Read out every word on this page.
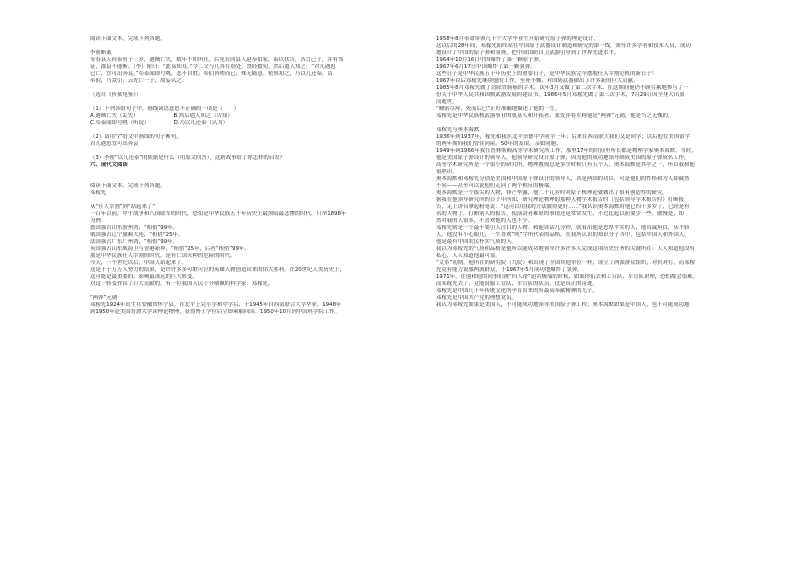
阅读下面文本，完成下列各题。
李密断案
寿春县人荷泰有子三岁，遇贼亡失，数年不知所在。后见在同县人赵奉伯家，泰以状告，各言己子，并有邻
证，郡县不能断。（李）密曰：“此易知耳。”令二父与儿各在别处，禁经数旬，然后遣人知之：“君儿遇患
已亡，宜可出奔哀。”苟泰闻即号咷，悲不自胜；奉伯咨嗟而已，殊无痛意。密察知之，乃以儿还泰，诘
奉伯，乃款引，云先亡一子，故妄认之。
（选自《折狱龟鉴》）
（1）下列各组句子中，画线词语意思不正确的一项是（　　）
A.遇贼亡失（丢失）　　　　　　　B.然后遣人知之（告知）
C.苟泰闻即号咷（听说）　　　　　D.乃以儿还泰（认为）
（2）请用“/”给文中画线的句子断句。
君儿遇患宜可出奔哀
（3）李密“以儿还泰”的依据是什么（用原文回答），这则故事给了你怎样的启发？
六、现代文阅读
阅读下面文本，完成下列各题。
邓稼先
从“任人宰割”到“站起来了”
一百年以前，甲午战争和八国联军的时代，恐怕是中华民族五千年历史上最黑暗最悲惨的时代，只举1898年
为例：
德国强占山东胶州湾，“租借”99年。
俄国强占辽宁旅顺大连，“租借”25年。
法国强占广东广州湾，“租借”99年。
英国强占山东威海卫与香港新界，“租借”25年，后者“租借”99年。
那是中华民族任人宰割的时代，是有亡国灭种的危险的时代。
今天，一个世纪以后，中国人站起来了。
这是千千万万人努力的结果，是许许多多可歌可泣的英雄人物创造出来的伟大胜利。在20世纪人类历史上，
这可能是最重要的、影响最深远的巨大转变。
对这一转变作出了巨大贡献的，有一位我国人民十分敬佩的科学家：邓稼先。
“两弹”元勋
邓稼先1924年出生在安徽省怀宁县。在北平上完小学和中学后，于1945年自西南联合大学毕业。1948年
到1950年赴美国普渡大学读理论物理，获得博士学位后立即乘船回国。1950年10月到中国科学院工作。
1958年8月奉命带领几十个大学毕业生开始研究原子弹的理论设计。
这以后的28年间，邓稼先始终站在中国原子武器设计制造和研究的第一线，领导许多学者和技术人员，成功
地设计了中国的原子弹和氢弹，把中国国防自卫武器引导到了世界先进水平。
1964年10月16日中国爆炸了第一颗原子弹。
1967年6月17日中国爆炸了第一颗氢弹。
这些日子是中华民族五千年历史上的重要日子，是中华民族完全摆脱任人宰割危机的新日子！
1967年以后邓稼先继续他的工作，至死不懈，对国防武器做出了许多新的巨大贡献。
1985年8月邓稼先做了切除直肠癌的手术。次年3月又做了第二次手术。在这期间他仍不顾劳累地参与了一
份关于中华人民共和国核武器发展的建议书。1986年5月邓稼先做了第三次手术，7月29日因全身大出血
而逝世。
“鞠躬尽瘁，死而后已”正好准确地描述了他的一生。
邓稼先是中华民族核武器事业的奠基人和开拓者。张爱萍将军称他是“两弹”元勋，他是当之无愧的。
邓稼先与奥本海默
1936年到1937年，稼先和我在北平崇德中学同学一年；后来在西南联大我们又是同学；以后他在美国留学
的两年期间我们曾住同屋。50年的友谊，亲如同胞。
1949年到1966年我在普林斯顿高等学术研究所工作，那里17年的时间里所长都是物理学家奥本海默。当时，
他是美国原子弹设计的领导人，他领导研究设计原子弹，因为他的成功地领导制成美国的原子弹成名工作。
高等学术研究所是一个很小的研究所，物理教授总是多少时候只有五个人，奥本海默是其中之一，所以我和他
很熟识。
奥本海默和邓稼先分别是美国和中国原子弹设计的领导人，各是两国的功臣，可是他们的性格和为人却截然
不同——甚至可以说他们走向了两个相反的极端。
奥本海默是一个拔尖的人物，锋芒毕露，他二十几岁时对原子核理论就做出了很有创造性的研究。
据我在他领导研究所的日子中所知，研究理论物理的那种人物学术报告时（包括领导学术报告时）打断报
告，走上讲台拿起粉笔说：“这可以用我的方法做得更好……”我认识奥本海默时他已四十多岁了，已经是有
名的人物了，打断别人的报告，使演讲者难堪的事情还是常常发生，不过比起以前要少一些。傲慢是，即
然对我的人很多，不喜欢他的人也不少。
邓稼先则是一个最不要引人注目的人物。和他谈话几分钟，就看出他是忠厚平实的人，他真诚坦白，从不骄
人。他没有小心眼儿，一生喜欢“纯”字所代表的品格。在我所认识的知识分子当中，包括中国人和外国人，
他是最有中国农民朴实气质的人。
我以为邓稼先的气质和品格是他所以能成功地领导许多许多人完成这项历史任务的关键所在：人人知道他没有
私心，人人知道他最可靠。
“文革”初期，他所在的研究院（九院）和出现了全国其他单位一样，成立了两派群众组织，对抗对打。而邓稼
先竟有能力说服两派群众，于1967年5月成功地爆炸了氢弹。
1971年，在他和他的同事们被“四人帮”迫害极端的时候，如果你们去和工宣队、军宣队讲理，恐怕都会很难。
而邓稼先去了，竟能说服工宣队、军宣队的队员，这是真正的奇迹。
邓稼先是中国几千年传统文化所孕育出来的有最高奉献精神的儿子。
邓稼先是中国共产党的理想党员。
我认为邓稼先如果是美国人，不可能成功地领导美国原子弹工程；奥本海默如果是中国人，也不可能成功地
